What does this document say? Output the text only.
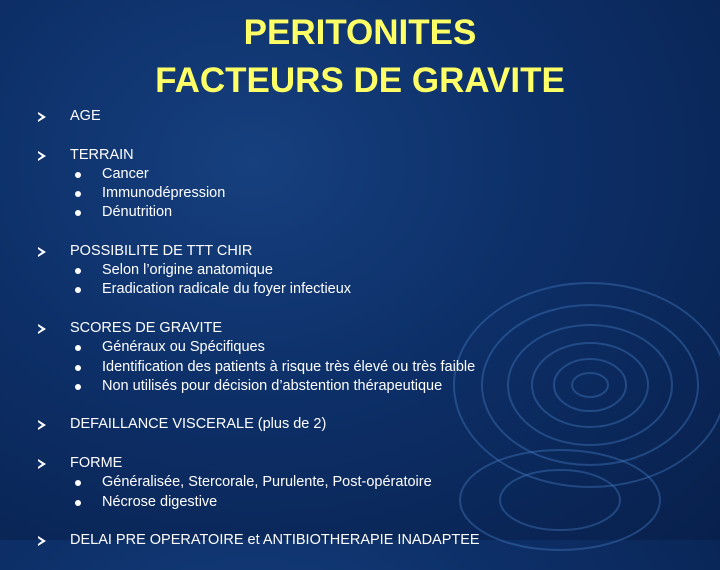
PERITONITES
FACTEURS DE GRAVITE
AGE
TERRAIN
Cancer
Immunodépression
Dénutrition
POSSIBILITE DE TTT CHIR
Selon l’origine anatomique
Eradication radicale du foyer infectieux
SCORES DE GRAVITE
Généraux ou Spécifiques
Identification des patients à risque très élevé ou très faible
Non utilisés pour décision d’abstention thérapeutique
DEFAILLANCE VISCERALE (plus de 2)
FORME
Généralisée, Stercorale, Purulente, Post-opératoire
Nécrose digestive
DELAI PRE OPERATOIRE et ANTIBIOTHERAPIE INADAPTEE
